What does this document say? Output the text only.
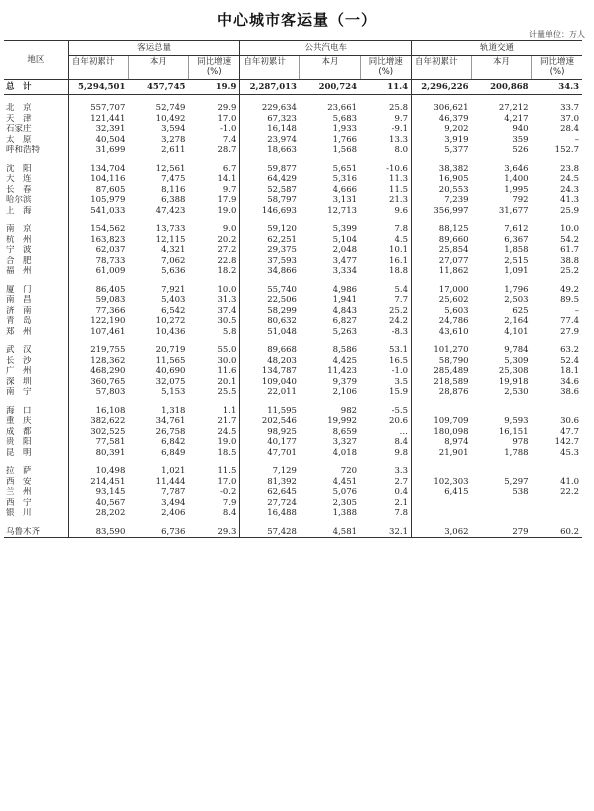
中心城市客运量（一）
计量单位：万人
地区	客运总量			公共汽电车			轨道交通		
	自年初累计	本月	同比增速(%)	自年初累计	本月	同比增速(%)	自年初累计	本月	同比增速(%)
总　计	5,294,501	457,745	19.9	2,287,013	200,724	11.4	2,296,226	200,868	34.3

北　京	557,707	52,749	29.9	229,634	23,661	25.8	306,621	27,212	33.7
天　津	121,441	10,492	17.0	67,323	5,683	9.7	46,379	4,217	37.0
石家庄	32,391	3,594	-1.0	16,148	1,933	-9.1	9,202	940	28.4
太　原	40,504	3,278	7.4	23,974	1,766	13.3	3,919	359	–
呼和浩特	31,699	2,611	28.7	18,663	1,568	8.0	5,377	526	152.7

沈　阳	134,704	12,561	6.7	59,877	5,651	-10.6	38,382	3,646	23.8
大　连	104,116	7,475	14.1	64,429	5,316	11.3	16,905	1,400	24.5
长　春	87,605	8,116	9.7	52,587	4,666	11.5	20,553	1,995	24.3
哈尔滨	105,979	6,388	17.9	58,797	3,131	21.3	7,239	792	41.3
上　海	541,033	47,423	19.0	146,693	12,713	9.6	356,997	31,677	25.9

南　京	154,562	13,733	9.0	59,120	5,399	7.8	88,125	7,612	10.0
杭　州	163,823	12,115	20.2	62,251	5,104	4.5	89,660	6,367	54.2
宁　波	62,037	4,321	27.2	29,375	2,048	10.1	25,854	1,858	61.7
合　肥	78,733	7,062	22.8	37,593	3,477	16.1	27,077	2,515	38.8
福　州	61,009	5,636	18.2	34,866	3,334	18.8	11,862	1,091	25.2

厦　门	86,405	7,921	10.0	55,740	4,986	5.4	17,000	1,796	49.2
南　昌	59,083	5,403	31.3	22,506	1,941	7.7	25,602	2,503	89.5
济　南	77,366	6,542	37.4	58,299	4,843	25.2	5,603	625	–
青　岛	122,190	10,272	30.5	80,632	6,827	24.2	24,786	2,164	77.4
郑　州	107,461	10,436	5.8	51,048	5,263	-8.3	43,610	4,101	27.9

武　汉	219,755	20,719	55.0	89,668	8,586	53.1	101,270	9,784	63.2
长　沙	128,362	11,565	30.0	48,203	4,425	16.5	58,790	5,309	52.4
广　州	468,290	40,690	11.6	134,787	11,423	-1.0	285,489	25,308	18.1
深　圳	360,765	32,075	20.1	109,040	9,379	3.5	218,589	19,918	34.6
南　宁	57,803	5,153	25.5	22,011	2,106	15.9	28,876	2,530	38.6

海　口	16,108	1,318	1.1	11,595	982	-5.5			
重　庆	382,622	34,761	21.7	202,546	19,992	20.6	109,709	9,593	30.6
成　都	302,525	26,758	24.5	98,925	8,659	…	180,098	16,151	47.7
贵　阳	77,581	6,842	19.0	40,177	3,327	8.4	8,974	978	142.7
昆　明	80,391	6,849	18.5	47,701	4,018	9.8	21,901	1,788	45.3

拉　萨	10,498	1,021	11.5	7,129	720	3.3			
西　安	214,451	11,444	17.0	81,392	4,451	2.7	102,303	5,297	41.0
兰　州	93,145	7,787	-0.2	62,645	5,076	0.4	6,415	538	22.2
西　宁	40,567	3,494	7.9	27,724	2,305	2.1			
银　川	28,202	2,406	8.4	16,488	1,388	7.8			

乌鲁木齐	83,590	6,736	29.3	57,428	4,581	32.1	3,062	279	60.2
